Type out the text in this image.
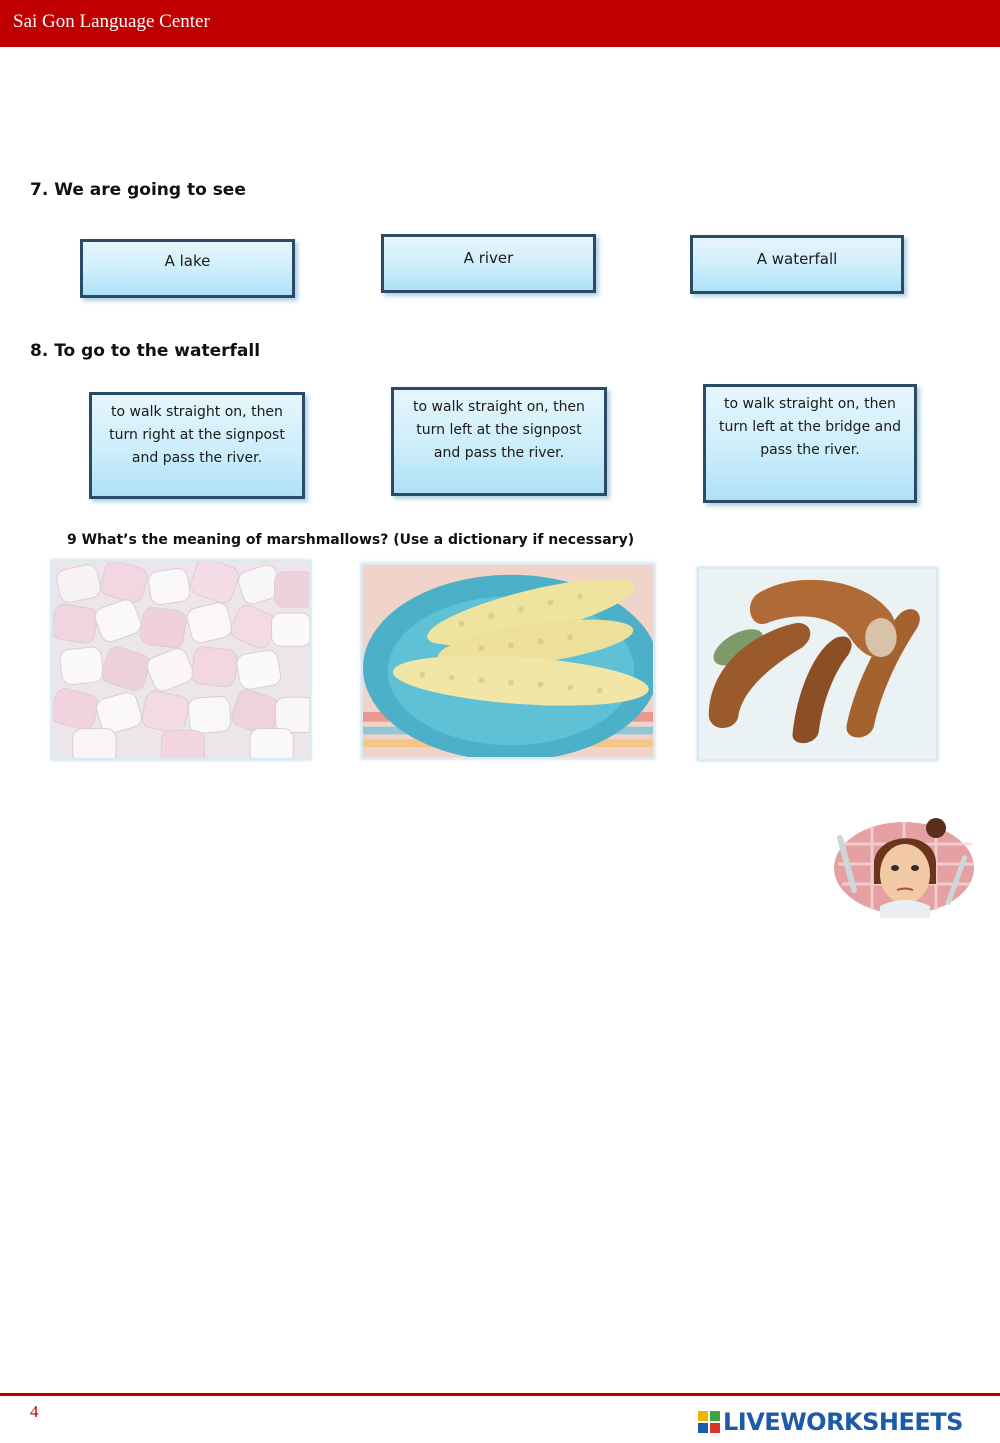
Sai Gon Language Center
7. We are going to see
A lake	A river	A waterfall
8. To go to the waterfall
to walk straight on, then turn right at the signpost and pass the river.
to walk straight on, then turn left at the signpost and pass the river.
to walk straight on, then turn left at the bridge and pass the river.
9 What’s the meaning of marshmallows? (Use a dictionary if necessary)
4	LIVEWORKSHEETS
